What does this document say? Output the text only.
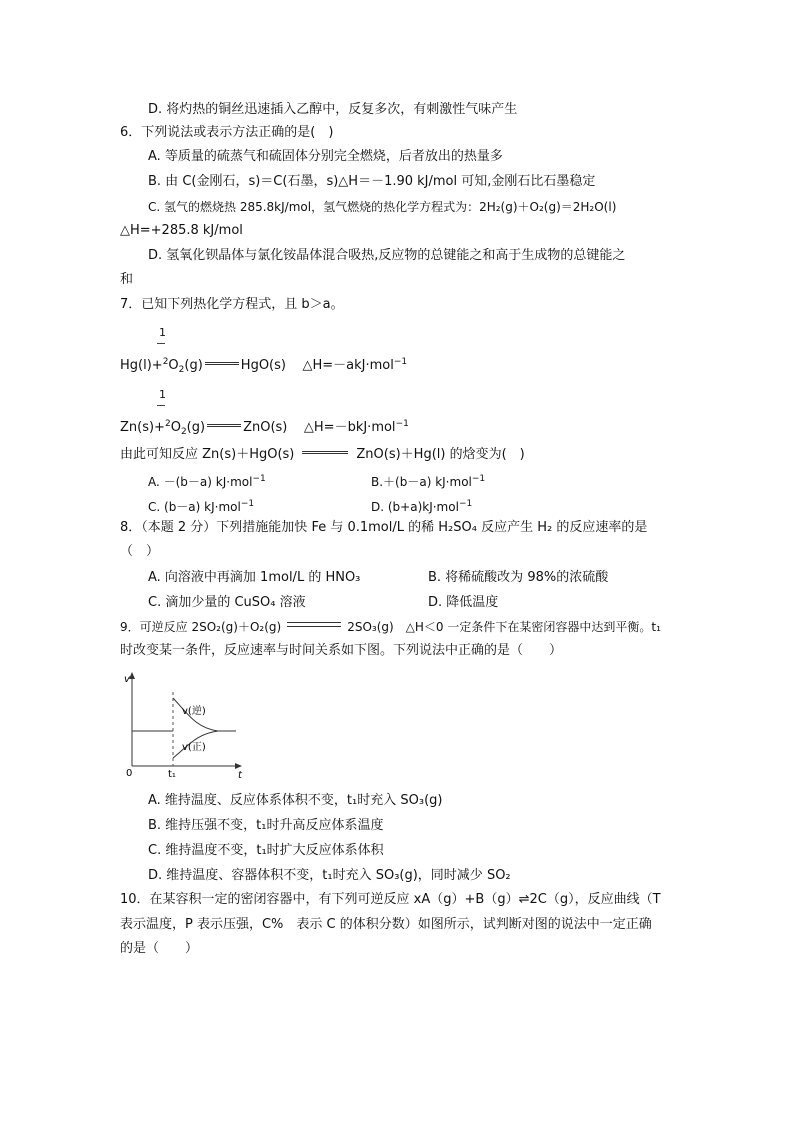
D. 将灼热的铜丝迅速插入乙醇中，反复多次，有刺激性气味产生
6．下列说法或表示方法正确的是(　)
A. 等质量的硫蒸气和硫固体分别完全燃烧，后者放出的热量多
B. 由 C(金刚石，s)＝C(石墨，s)△H＝－1.90 kJ/mol 可知,金刚石比石墨稳定
C. 氢气的燃烧热 285.8kJ/mol，氢气燃烧的热化学方程式为：2H₂(g)＋O₂(g)＝2H₂O(l)
△H=+285.8 kJ/mol
D. 氢氧化钡晶体与氯化铵晶体混合吸热,反应物的总键能之和高于生成物的总键能之
和
7．已知下列热化学方程式，且 b＞a。
1
$Hg(l)+^2O_2(g)$	HgO(s) △H=－akJ·mol$^{-1}$
1
$Zn(s)+^2O_2(g)$	ZnO(s) △H=－bkJ·mol$^{-1}$
由此可知反应 Zn(s)＋HgO(s)	ZnO(s)＋Hg(l) 的焓变为(　)
A. －(b－a) kJ·mol$^{-1}$	B.＋(b－a) kJ·mol$^{-1}$
C. (b－a) kJ·mol$^{-1}$	D. (b+a)kJ·mol$^{-1}$
8．（本题 2 分）下列措施能加快 Fe 与 0.1mol/L 的稀 H₂SO₄ 反应产生 H₂ 的反应速率的是
（　）
A. 向溶液中再滴加 1mol/L 的 HNO₃	B. 将稀硫酸改为 98%的浓硫酸
C. 滴加少量的 CuSO₄ 溶液	D. 降低温度
9．可逆反应 2SO₂(g)＋O₂(g)	2SO₃(g)　△H＜0 一定条件下在某密闭容器中达到平衡。t₁
时改变某一条件，反应速率与时间关系如下图。下列说法中正确的是（　　）
v
t
0	t₁
v(逆)
v(正)
A. 维持温度、反应体系体积不变，t₁时充入 SO₃(g)
B. 维持压强不变，t₁时升高反应体系温度
C. 维持温度不变，t₁时扩大反应体系体积
D. 维持温度、容器体积不变，t₁时充入 SO₃(g)，同时减少 SO₂
10．在某容积一定的密闭容器中，有下列可逆反应 xA（g）+B（g）⇌2C（g），反应曲线（T
表示温度，P 表示压强，C%　表示 C 的体积分数）如图所示，试判断对图的说法中一定正确
的是（　　）
